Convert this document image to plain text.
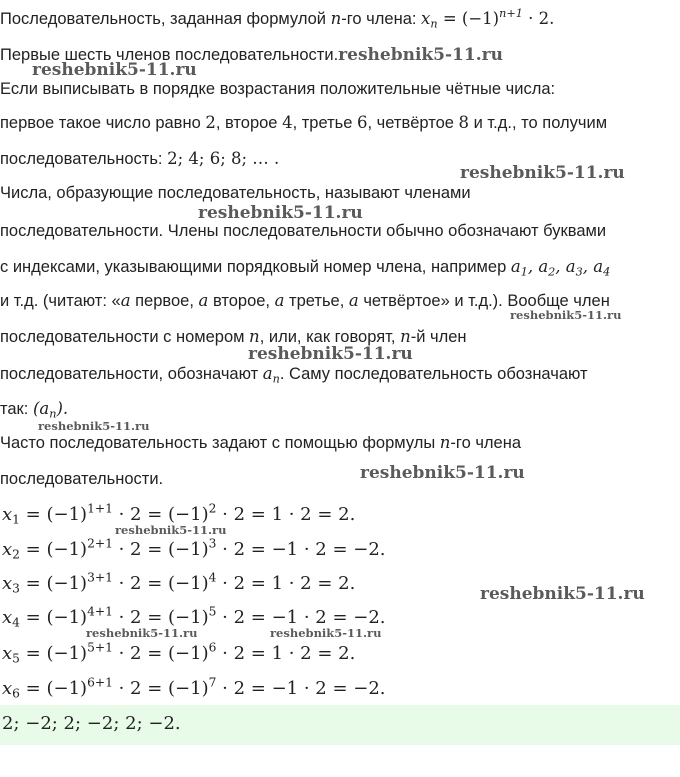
Последовательность, заданная формулой n-го члена: $x_n = (-1)^{n+1} \cdot 2$.
Первые шесть членов последовательности.reshebnik5-11.ru
reshebnik5-11.ru
Если выписывать в порядке возрастания положительные чётные числа:
первое такое число равно 2, второе 4, третье 6, четвёртое 8 и т.д., то получим
последовательность: 2; 4; 6; 8; … .
reshebnik5-11.ru
Числа, образующие последовательность, называют членами
reshebnik5-11.ru
последовательности. Члены последовательности обычно обозначают буквами
с индексами, указывающими порядковый номер члена, например $a_1$, $a_2$, $a_3$, $a_4$
и т.д. (читают: «a первое, a второе, a третье, a четвёртое» и т.д.). Вообще член
reshebnik5-11.ru
последовательности с номером n, или, как говорят, n-й член
reshebnik5-11.ru
последовательности, обозначают $a_n$. Саму последовательность обозначают
так: $(a_n)$.
reshebnik5-11.ru
Часто последовательность задают с помощью формулы n-го члена
последовательности.	reshebnik5-11.ru
$x_1 = (-1)^{1+1} \cdot 2 = (-1)^2 \cdot 2 = 1 \cdot 2 = 2$.
reshebnik5-11.ru
$x_2 = (-1)^{2+1} \cdot 2 = (-1)^3 \cdot 2 = -1 \cdot 2 = -2$.
$x_3 = (-1)^{3+1} \cdot 2 = (-1)^4 \cdot 2 = 1 \cdot 2 = 2$.	reshebnik5-11.ru
$x_4 = (-1)^{4+1} \cdot 2 = (-1)^5 \cdot 2 = -1 \cdot 2 = -2$.
reshebnik5-11.ru	reshebnik5-11.ru
$x_5 = (-1)^{5+1} \cdot 2 = (-1)^6 \cdot 2 = 1 \cdot 2 = 2$.
$x_6 = (-1)^{6+1} \cdot 2 = (-1)^7 \cdot 2 = -1 \cdot 2 = -2$.
2; −2; 2; −2; 2; −2.
